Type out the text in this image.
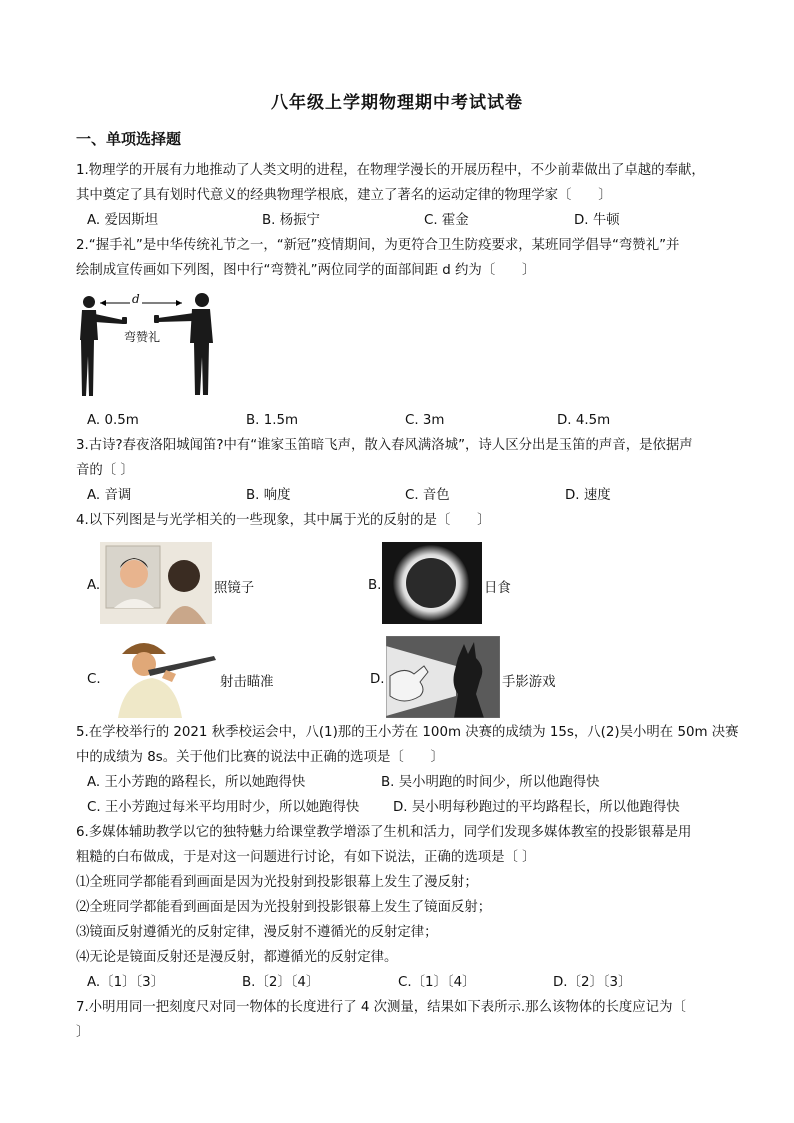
八年级上学期物理期中考试试卷
一、单项选择题
1.物理学的开展有力地推动了人类文明的进程，在物理学漫长的开展历程中，不少前辈做出了卓越的奉献，
其中奠定了具有划时代意义的经典物理学根底，建立了著名的运动定律的物理学家〔　　〕
A. 爱因斯坦	B. 杨振宁	C. 霍金	D. 牛顿
2.“握手礼”是中华传统礼节之一，“新冠”疫情期间，为更符合卫生防疫要求，某班同学倡导“弯赞礼”并
绘制成宣传画如下列图，图中行“弯赞礼”两位同学的面部间距 d 约为〔　　〕
d
弯赞礼
A. 0.5m	B. 1.5m	C. 3m	D. 4.5m
3.古诗?春夜洛阳城闻笛?中有“谁家玉笛暗飞声，散入春风满洛城”，诗人区分出是玉笛的声音，是依据声
音的〔 〕
A. 音调	B. 响度	C. 音色	D. 速度
4.以下列图是与光学相关的一些现象，其中属于光的反射的是〔　　〕
A.	照镜子	B.	日食
C.	射击瞄准	D.	手影游戏
5.在学校举行的 2021 秋季校运会中，八(1)那的王小芳在 100m 决赛的成绩为 15s，八(2)吴小明在 50m 决赛
中的成绩为 8s。关于他们比赛的说法中正确的选项是〔　　〕
A. 王小芳跑的路程长，所以她跑得快	B. 吴小明跑的时间少，所以他跑得快
C. 王小芳跑过每米平均用时少，所以她跑得快	D. 吴小明每秒跑过的平均路程长，所以他跑得快
6.多媒体辅助教学以它的独特魅力给课堂教学增添了生机和活力，同学们发现多媒体教室的投影银幕是用
粗糙的白布做成，于是对这一问题进行讨论，有如下说法，正确的选项是〔 〕
⑴全班同学都能看到画面是因为光投射到投影银幕上发生了漫反射；
⑵全班同学都能看到画面是因为光投射到投影银幕上发生了镜面反射；
⑶镜面反射遵循光的反射定律，漫反射不遵循光的反射定律；
⑷无论是镜面反射还是漫反射，都遵循光的反射定律。
A.〔1〕〔3〕	B.〔2〕〔4〕	C.〔1〕〔4〕	D.〔2〕〔3〕
7.小明用同一把刻度尺对同一物体的长度进行了 4 次测量，结果如下表所示.那么该物体的长度应记为〔
〕
